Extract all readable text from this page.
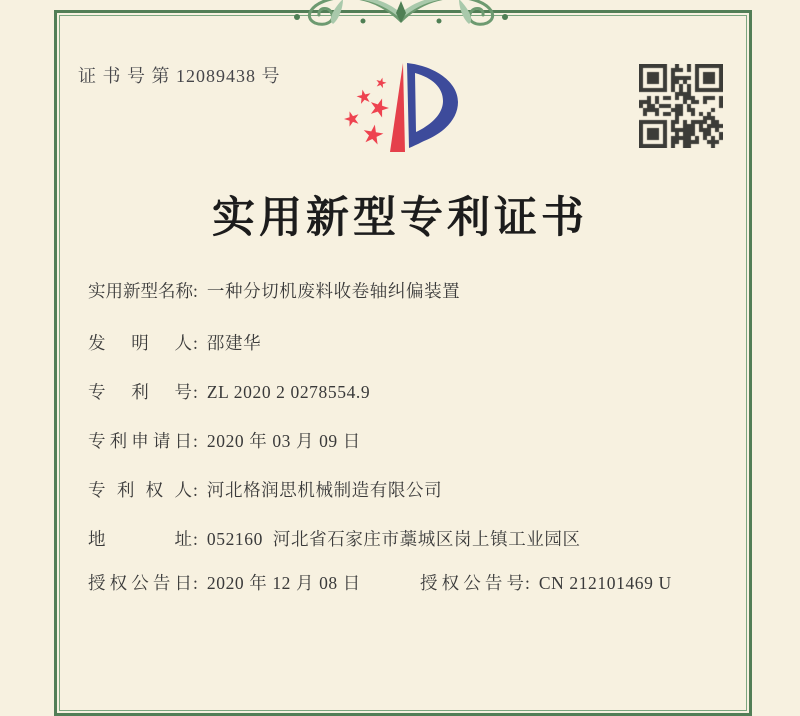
证 书 号 第 12089438 号
实用新型专利证书
实用新型名称: 一种分切机废料收卷轴纠偏装置
发明人: 邵建华
专利号: ZL 2020 2 0278554.9
专利申请日: 2020 年 03 月 09 日
专利权人: 河北格润思机械制造有限公司
地址: 052160  河北省石家庄市藁城区岗上镇工业园区
授权公告日: 2020 年 12 月 08 日	授权公告号: CN 212101469 U
